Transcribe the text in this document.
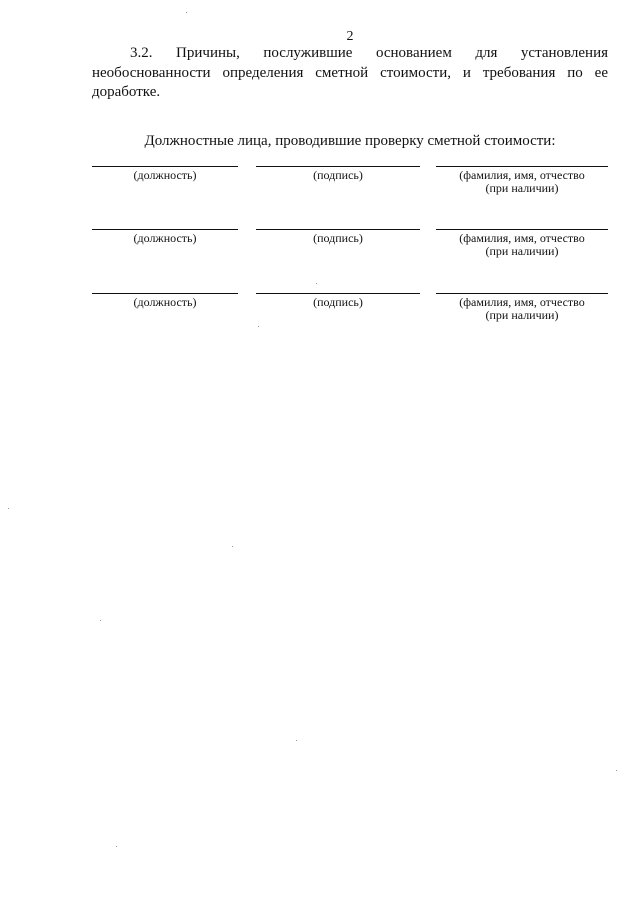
2
3.2. Причины, послужившие основанием для установления
необоснованности определения сметной стоимости, и требования по ее
доработке.
Должностные лица, проводившие проверку сметной стоимости:
(должность)	(подпись)	(фамилия, имя, отчество
(при наличии)
(должность)	(подпись)	(фамилия, имя, отчество
(при наличии)
(должность)	(подпись)	(фамилия, имя, отчество
(при наличии)
